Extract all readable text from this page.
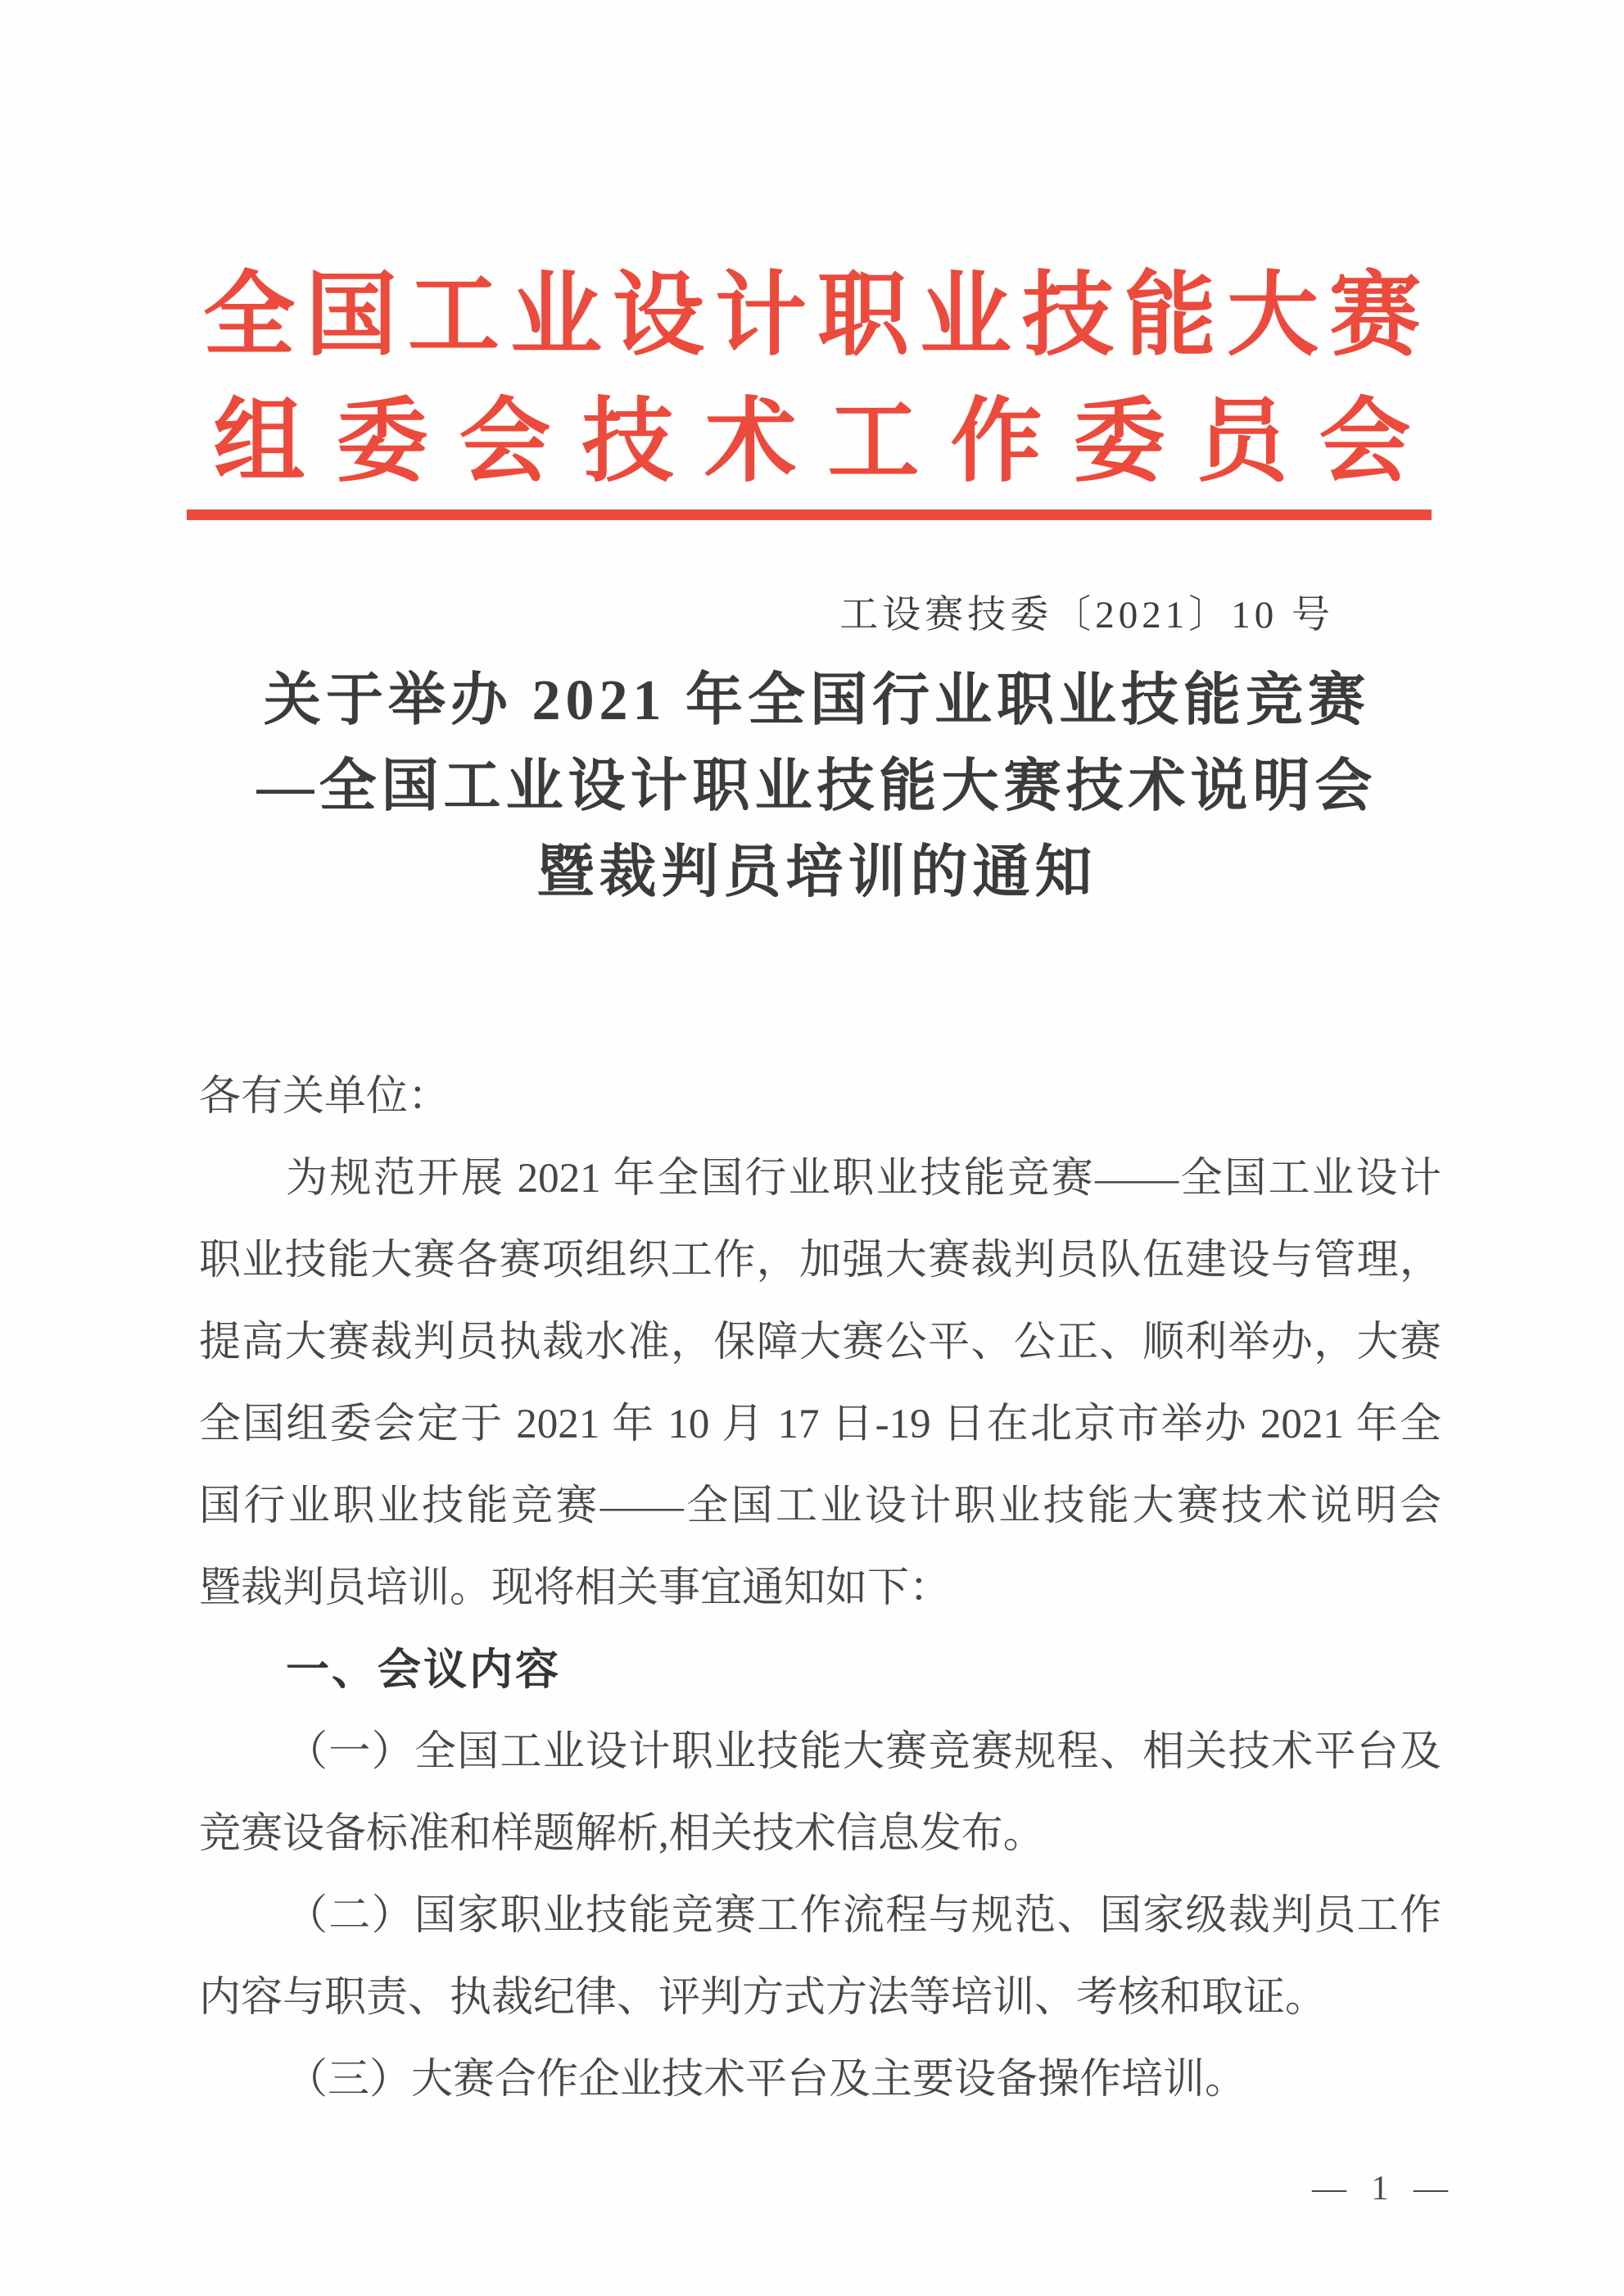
全国工业设计职业技能大赛
组委会技术工作委员会
工设赛技委〔2021〕10 号
关于举办 2021 年全国行业职业技能竞赛
—全国工业设计职业技能大赛技术说明会
暨裁判员培训的通知
各有关单位：
为规范开展 2021 年全国行业职业技能竞赛——全国工业设计
职业技能大赛各赛项组织工作，加强大赛裁判员队伍建设与管理，
提高大赛裁判员执裁水准，保障大赛公平、公正、顺利举办，大赛
全国组委会定于 2021 年 10 月 17 日-19 日在北京市举办 2021 年全
国行业职业技能竞赛——全国工业设计职业技能大赛技术说明会
暨裁判员培训。现将相关事宜通知如下：
一、会议内容
（一）全国工业设计职业技能大赛竞赛规程、相关技术平台及
竞赛设备标准和样题解析,相关技术信息发布。
（二）国家职业技能竞赛工作流程与规范、国家级裁判员工作
内容与职责、执裁纪律、评判方式方法等培训、考核和取证。
（三）大赛合作企业技术平台及主要设备操作培训。
— 1 —
